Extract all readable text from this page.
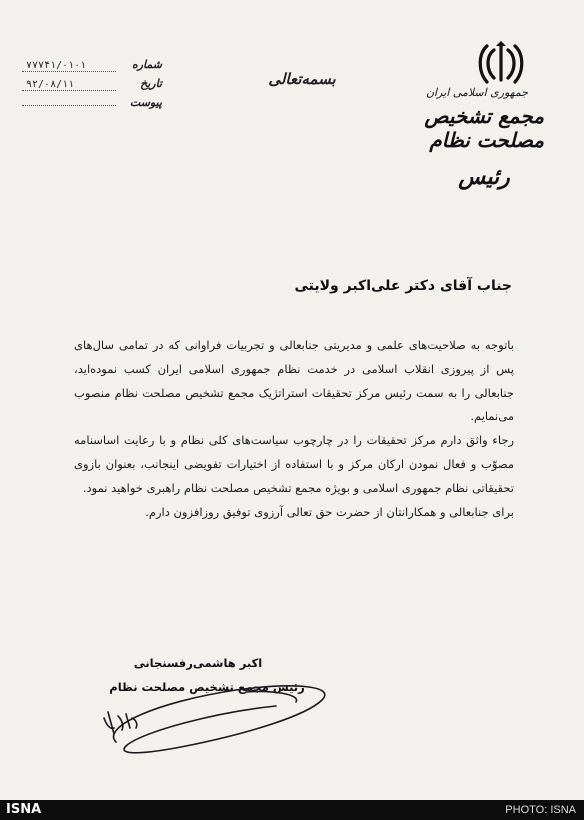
جمهوری اسلامی ایران
مجمع تشخیص مصلحت نظام
رئیس
بسمه‌تعالی
۷۷۷۴۱/۰۱۰۱	شماره
۹۲/۰۸/۱۱	تاریخ
پیوست
جناب آقای دکتر علی‌اکبر ولایتی

باتوجه به صلاحیت‌های علمی و مدیریتی جنابعالی و تجربیات فراوانی که در تمامی سال‌های پس از پیروزی انقلاب اسلامی در خدمت نظام جمهوری اسلامی ایران کسب نموده‌اید، جنابعالی را به سمت رئیس مرکز تحقیقات استراتژیک مجمع تشخیص مصلحت نظام منصوب می‌نمایم.

رجاء واثق دارم مرکز تحقیقات را در چارچوب سیاست‌های کلی نظام و با رعایت اساسنامه مصوّب و فعال نمودن ارکان مرکز و با استفاده از اختیارات تفویضی اینجانب، بعنوان بازوی تحقیقاتی نظام جمهوری اسلامی و بویژه مجمع تشخیص مصلحت نظام راهبری خواهید نمود.

برای جنابعالی و همکارانتان از حضرت حق تعالی آرزوی توفیق روزافزون دارم.

اکبر هاشمی‌رفسنجانی
رئیس مجمع تشخیص مصلحت نظام
ISNA	PHOTO: ISNA
